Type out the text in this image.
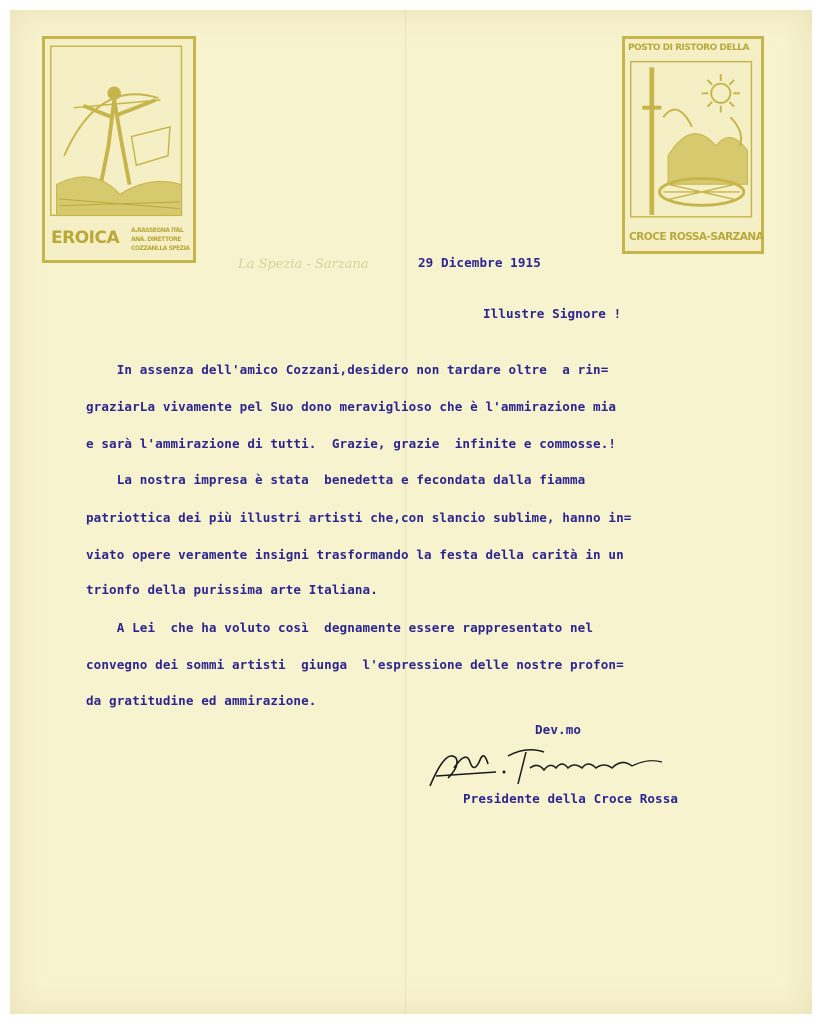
EROICA A.RASSEGNA ITAL
ANA. DIRETTORE
COZZANI.LA SPEZIA
POSTO DI RISTORO DELLA
CROCE ROSSA-SARZANA
La Spezia - Sarzana	29 Dicembre 1915
Illustre Signore !
In assenza dell'amico Cozzani,desidero non tardare oltre  a rin=
graziarLa vivamente pel Suo dono meraviglioso che è l'ammirazione mia
e sarà l'ammirazione di tutti.  Grazie, grazie  infinite e commosse.!
La nostra impresa è stata  benedetta e fecondata dalla fiamma
patriottica dei più illustri artisti che,con slancio sublime, hanno in=
viato opere veramente insigni trasformando la festa della carità in un
trionfo della purissima arte Italiana.
A Lei  che ha voluto così  degnamente essere rappresentato nel
convegno dei sommi artisti  giunga  l'espressione delle nostre profon=
da gratitudine ed ammirazione.
Dev.mo
Presidente della Croce Rossa
